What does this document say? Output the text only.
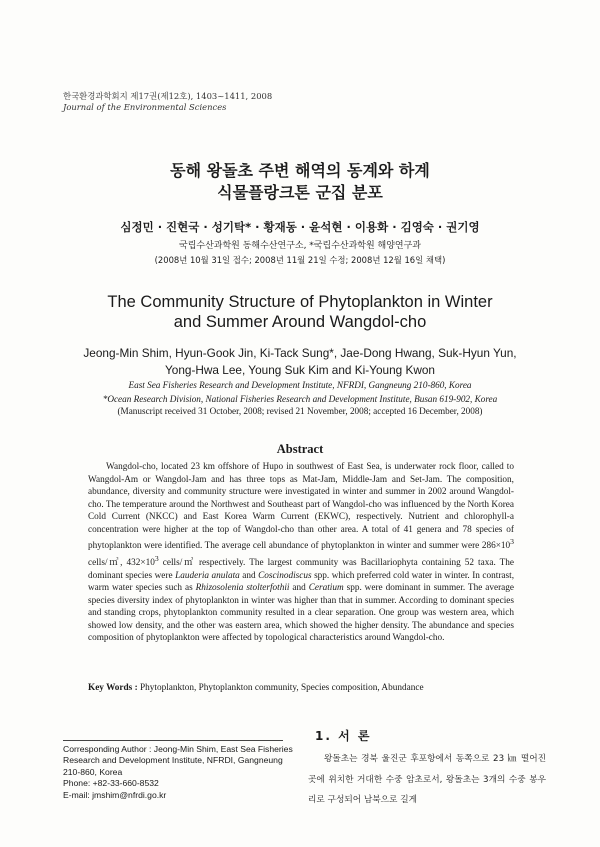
한국환경과학회지 제17권(제12호), 1403~1411, 2008
Journal of the Environmental Sciences
동해 왕돌초 주변 해역의 동계와 하계
식물플랑크톤 군집 분포
심정민 · 진현국 · 성기탁* · 황재동 · 윤석현 · 이용화 · 김영숙 · 권기영
국립수산과학원 동해수산연구소, *국립수산과학원 해양연구과
(2008년 10월 31일 접수; 2008년 11월 21일 수정; 2008년 12월 16일 채택)
The Community Structure of Phytoplankton in Winter
and Summer Around Wangdol-cho
Jeong-Min Shim, Hyun-Gook Jin, Ki-Tack Sung*, Jae-Dong Hwang, Suk-Hyun Yun,
Yong-Hwa Lee, Young Suk Kim and Ki-Young Kwon
East Sea Fisheries Research and Development Institute, NFRDI, Gangneung 210-860, Korea
*Ocean Research Division, National Fisheries Research and Development Institute, Busan 619-902, Korea
(Manuscript received 31 October, 2008; revised 21 November, 2008; accepted 16 December, 2008)
Abstract
Wangdol-cho, located 23 km offshore of Hupo in southwest of East Sea, is underwater rock floor, called to Wangdol-Am or Wangdol-Jam and has three tops as Mat-Jam, Middle-Jam and Set-Jam. The composition, abundance, diversity and community structure were investigated in winter and summer in 2002 around Wangdol-cho. The temperature around the Northwest and Southeast part of Wangdol-cho was influenced by the North Korea Cold Current (NKCC) and East Korea Warm Current (EKWC), respectively. Nutrient and chlorophyll-a concentration were higher at the top of Wangdol-cho than other area. A total of 41 genera and 78 species of phytoplankton were identified. The average cell abundance of phytoplankton in winter and summer were $286\times 10^3$ cells/㎥, $432\times 10^3$ cells/㎥ respectively. The largest community was Bacillariophyta containing 52 taxa. The dominant species were Lauderia anulata and Coscinodiscus spp. which preferred cold water in winter. In contrast, warm water species such as Rhizosolenia stolterfothii and Ceratium spp. were dominant in summer. The average species diversity index of phytoplankton in winter was higher than that in summer. According to dominant species and standing crops, phytoplankton community resulted in a clear separation. One group was western area, which showed low density, and the other was eastern area, which showed the higher density. The abundance and species composition of phytoplankton were affected by topological characteristics around Wangdol-cho.
Key Words : Phytoplankton, Phytoplankton community, Species composition, Abundance
Corresponding Author : Jeong-Min Shim, East Sea Fisheries
Research and Development Institute, NFRDI, Gangneung
210-860, Korea
Phone: +82-33-660-8532
E-mail: jmshim@nfrdi.go.kr
1. 서 론
왕돌초는 경북 울진군 후포항에서 동쪽으로 23 ㎞ 떨어진 곳에 위치한 거대한 수중 암초로서, 왕돌초는 3개의 수중 봉우리로 구성되어 남북으로 길게
